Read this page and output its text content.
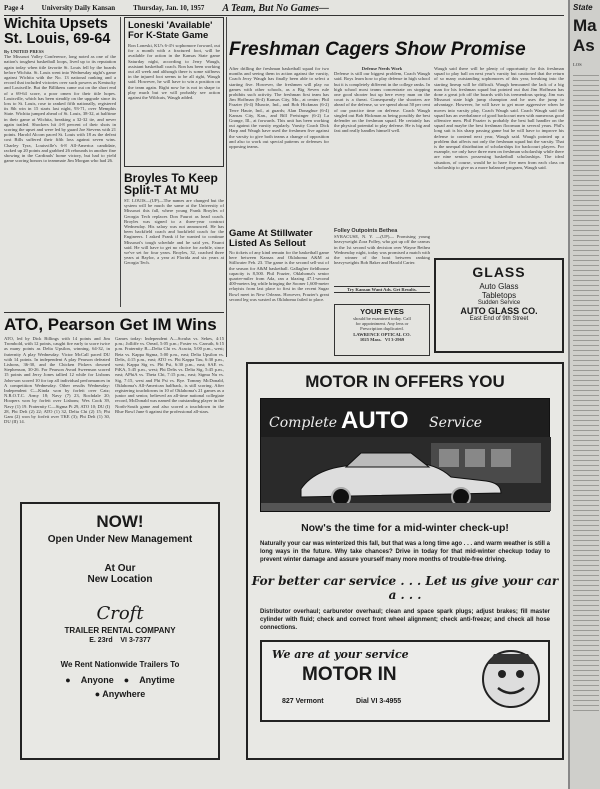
Page 4	University Daily Kansan	Thursday, Jan. 10, 1957 A Team, But No Games—
Wichita Upsets St. Louis, 69-64
By UNITED PRESS
The Missouri Valley Conference, long noted as one of the nation's toughest basketball loops, lived up to its reputation again today when title favorite St. Louis fell by the boards before Wichita. St. Louis went into Wednesday night's game against Wichita with the No. 13 national ranking and a record that included victories over such powers as Kentucky and Louisville. But the Billikens came out on the short end of a 69-64 score, a poor omen for their title hopes. Louisville, which has been steadily on the upgrade since its loss to St. Louis, rose to ranked fifth nationally, registered its 8th win in 15 starts last night, 93-71, over Memphis State. Wichita jumped ahead of St. Louis, 38-32, at halftime in their game at Wichita, breaking a 32-32 tie, and never again trailed. Shockers hit 4-8 percent of their shots in scoring the upset and were led by guard Joe Stevens with 21 points. Harold Alcorn paced St. Louis with 18 as the defeat cost Bills suffered their fifth loss against seven wins. Charley Tyra, Louisville's 6-8 All-America candidate, racked up 20 points and grabbed 26 rebounds in another fine showing in the Cardinals' home victory, but had to yield game scoring honors to teammate Jim Morgan who had 26.
Loneski 'Available' For K-State Game
Ron Loneski, KU's 6-4½ sophomore forward, out for a month with a fractured foot, will be available for action in the Kansas State game Saturday night, according to Jerry Waugh, assistant basketball coach. Ron has been working out all week and although there is some stiffness in the injured foot seems to be all right, Waugh said. However, he will have to win a position on the team again. Right now he is not in shape to play much but we will probably see action against the Wildcats, Waugh added.
Broyles To Keep Split-T At MU
ST. LOUIS—(UP)—The names are changed but the system will be much the same at the University of Missouri this fall, where young Frank Broyles of Georgia Tech replaces Don Faurot as head coach. Broyles was signed to a three-year contract Wednesday. His salary was not announced. He has been backfield coach and backfield coach for the Engineers. I asked Frank if he wanted to continue Missouri's tough schedule and he said yes, Faurot said. He will have to get no choice for awhile, since we've set for four years. Broyles, 32, coached three years at Baylor, a year at Florida and six years at Georgia Tech.
Freshman Cagers Show Promise
After drilling the freshman basketball squad for two months and seeing them in action against the varsity, Coach Jerry Waugh has finally been able to select a starting five. However, the freshmen will play no games with other schools, as a Big Seven rule prohibits such activity. The freshman first team has Jim Hoffman (6-4) Kansas City, Mo., at center; Phil Frazier (6-4) Muncie, Ind., and Bob Hickman (6-2) Terre Haute, Ind., at guards; Alan Donaghue (6-4) Kansas City, Kan., and Bill Freisinger (6-2) La Grange, Ill., at forwards. This unit has been working out against the varsity regularly. Varsity Coach Dick Harp and Waugh have used the freshmen five against the varsity to give both teams a change of opposition and also to work out special patterns or defenses for opposing teams.
Defense Needs Work
Defense is still our biggest problem, Coach Waugh said. Boys learn how to play defense in high school but it is completely different in the college ranks. In high school most teams concentrate on stopping one good shooter but up here every man on the court is a threat. Consequently the shooters are ahead of the defense, so we spend about 50 per cent of our practice time on defense. Coach Waugh singled out Bob Hickman as being possibly the best defender on the freshman squad. He certainly has the physical potential to play defense. He is big and fast and really handles himself well.
Waugh said there will be plenty of opportunity for this freshman squad to play ball on next year's varsity but cautioned that the return of so many outstanding sophomores of this year, breaking into the starting lineup will be difficult. Waugh bemoaned the lack of a big man for his freshman squad but pointed out that Jim Hoffman has done a great job off the boards with his tremendous spring. Jim was Missouri state high jump champion and he uses the jump to advantage. However, he will have to get more aggressive when he moves into varsity play, Coach Waugh said. Coach Waugh said the squad has an overbalance of good backcourt men with numerous good offensive men. Phil Frazier is probably the best ball handler on the squad and maybe the best freshman floorman in several years. Phil's long suit is his sharp passing game but he will have to improve his defense to contend next year, Waugh said. Waugh pointed up a problem that affects not only the freshman squad but the varsity. That is the unequal distribution of scholarships for backcourt players. For example, we only have three men on freshman scholarship while there are nine seniors possessing basketball scholarships. The ideal situation, of course, would be to have five men from each class on scholarship to give us a more balanced program, Waugh said.
Game At Stillwater Listed As Sellout
No tickets of any kind remain for the basketball game here between Kansas and Oklahoma A&M at Stillwater Feb. 23. The game is the second sell-out of the season for A&M basketball. Gallagher fieldhouse capacity is 8,500. Phil Frazier, Oklahoma's senior quarter-miler from Ada, ran a blazing 47.1-second 400-meters leg while bringing the Sooner 1,600-meter relayists from last place to first in the recent Sugar Bowl meet in New Orleans. However, Frazier's great second leg was wasted as Oklahoma failed to place.
Folley Outpoints Bethea
SYRACUSE, N. Y. —(UP)— Promising young heavyweight Zora Folley, who got up off the canvas in the 1st second with decision over Wayne Bethea Wednesday night, today was promised a match with the winner of the bout between ranking heavyweights Bob Baker and Harold Carter.
Try Kansan Want Ads. Get Results.
YOUR EYES
should be examined today. Call
for appointment. Any lens or
Prescription duplicated.
LAWRENCE OPTICAL CO.
1025 Mass. VI 3-2969
GLASS
Auto Glass
Tabletops
Sudden Service
AUTO GLASS CO.
East End of 9th Street
ATO, Pearson Get IM Wins
ATO, led by Dick Billings with 14 points and Jim Trombold, with 12 points, caught fire early to score twice as many points as Delta Upsilon, winning, 64-32, in fraternity A play Wednesday. Victor McCall paced DU with 14 points. In independent A play Pearson defeated Lisbons, 36-30, and the Chicken Pickers downed Stephenson, 30-26. For Pearson Avrad Sweenson scored 15 points and Jerry Jones tallied 12 while for Lisbons John-son scored 10 for top all individual performances in A competition Wednesday. Other results Wednesday: Independent C—Kinda won by forfeit over Catz; N.R.O.T.C. Army 18; Navy (7) 23, Rochdale 20; Hoopers won by forfeit over Lisbons; Wes Cook 39, Navy (1) 19. Fraternity C—Sigma Pi 29, ATO 10; DU (I) 28, Phi Delt (2) 22; ATO (1) 32, Delta Chi (2) 15; Phi Gam (2) won by forfeit over TKE (3); Phi Delt (1) 30, DU (II) 14.
Games today: Independent A—Scruba vs. Sekes, 4:15 p.m.; Jolliffe vs. Oread, 5:05 p.m.; Foster vs. Carruth, 6:15 p.m. Fraternity B—Delta Chi vs. Acacia, 5:00 p.m., west; Beta vs. Kappa Sigma, 5:00 p.m., east; Delta Upsilon vs. Delts, 4:15 p.m., east; ATO vs. Phi Kappa Tau, 6:30 p.m., west; Kappa Sig vs. Phi Psi, 6:30 p.m., east; SAE vs. PiKA, 5:45 p.m., west; Phi Delts vs. Delta Sig, 5:45 p.m., east; APhiA vs. Theta Chi, 7:15 p.m., east; Sigma Nu vs. Sig, 7:15, west and Phi Psi vs. Bye. Tommy McDonald, Oklahoma's All-American halfback, is still scoring. After registering touchdowns in 10 of Oklahoma's 21 games as a junior and senior, believed an all-time national collegiate record, McDonald was named the outstanding player in the North-South game and also scored a touchdown in the Blue Bowl June 6 against the professional all-stars.
NOW!
Open Under New Management
At Our
New Location
Croft
TRAILER RENTAL COMPANY
E. 23rd VI 3-7377
We Rent Nationwide Trailers To
● Anyone ● Anytime
● Anywhere
MOTOR IN OFFERS YOU
Complete AUTO Service
Now's the time for a mid-winter check-up!
Naturally your car was winterized this fall, but that was a long time ago . . . and warm weather is still a long ways in the future. Why take chances? Drive in today for that mid-winter checkup today to prevent winter damage and assure yourself many more months of trouble-free driving.
For better car service . . . Let us give your car a . . .
Distributor overhaul; carburetor overhaul; clean and space spark plugs; adjust brakes; fill master cylinder with fluid; check and correct front wheel alignment; check anti-freeze; and check all hose connections.
We are at your service
MOTOR IN
827 Vermont	Dial VI 3-4955
State
Ma
As
LOS
